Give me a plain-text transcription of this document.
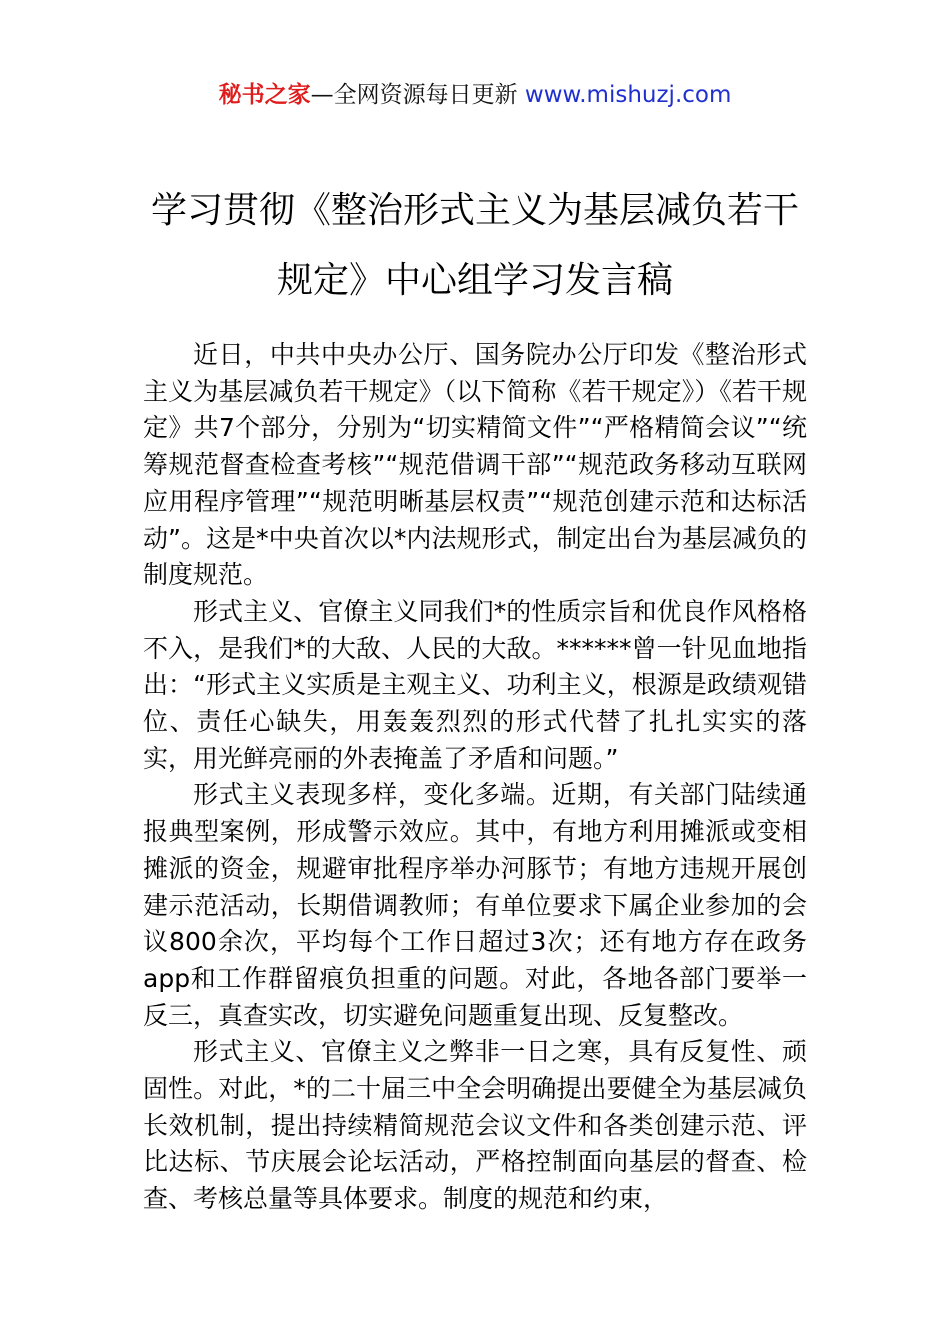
秘书之家—全网资源每日更新 www.mishuzj.com
学习贯彻《整治形式主义为基层减负若干
规定》中心组学习发言稿

近日，中共中央办公厅、国务院办公厅印发《整治形式主义为基层减负若干规定》（以下简称《若干规定》）《若干规定》共7个部分，分别为“切实精简文件”“严格精简会议”“统筹规范督查检查考核”“规范借调干部”“规范政务移动互联网应用程序管理”“规范明晰基层权责”“规范创建示范和达标活动”。这是*中央首次以*内法规形式，制定出台为基层减负的制度规范。

形式主义、官僚主义同我们*的性质宗旨和优良作风格格不入，是我们*的大敌、人民的大敌。******曾一针见血地指出：“形式主义实质是主观主义、功利主义，根源是政绩观错位、责任心缺失，用轰轰烈烈的形式代替了扎扎实实的落实，用光鲜亮丽的外表掩盖了矛盾和问题。”

形式主义表现多样，变化多端。近期，有关部门陆续通报典型案例，形成警示效应。其中，有地方利用摊派或变相摊派的资金，规避审批程序举办河豚节；有地方违规开展创建示范活动，长期借调教师；有单位要求下属企业参加的会议800余次，平均每个工作日超过3次；还有地方存在政务app和工作群留痕负担重的问题。对此，各地各部门要举一反三，真查实改，切实避免问题重复出现、反复整改。

形式主义、官僚主义之弊非一日之寒，具有反复性、顽固性。对此，*的二十届三中全会明确提出要健全为基层减负长效机制，提出持续精简规范会议文件和各类创建示范、评比达标、节庆展会论坛活动，严格控制面向基层的督查、检查、考核总量等具体要求。制度的规范和约束，
